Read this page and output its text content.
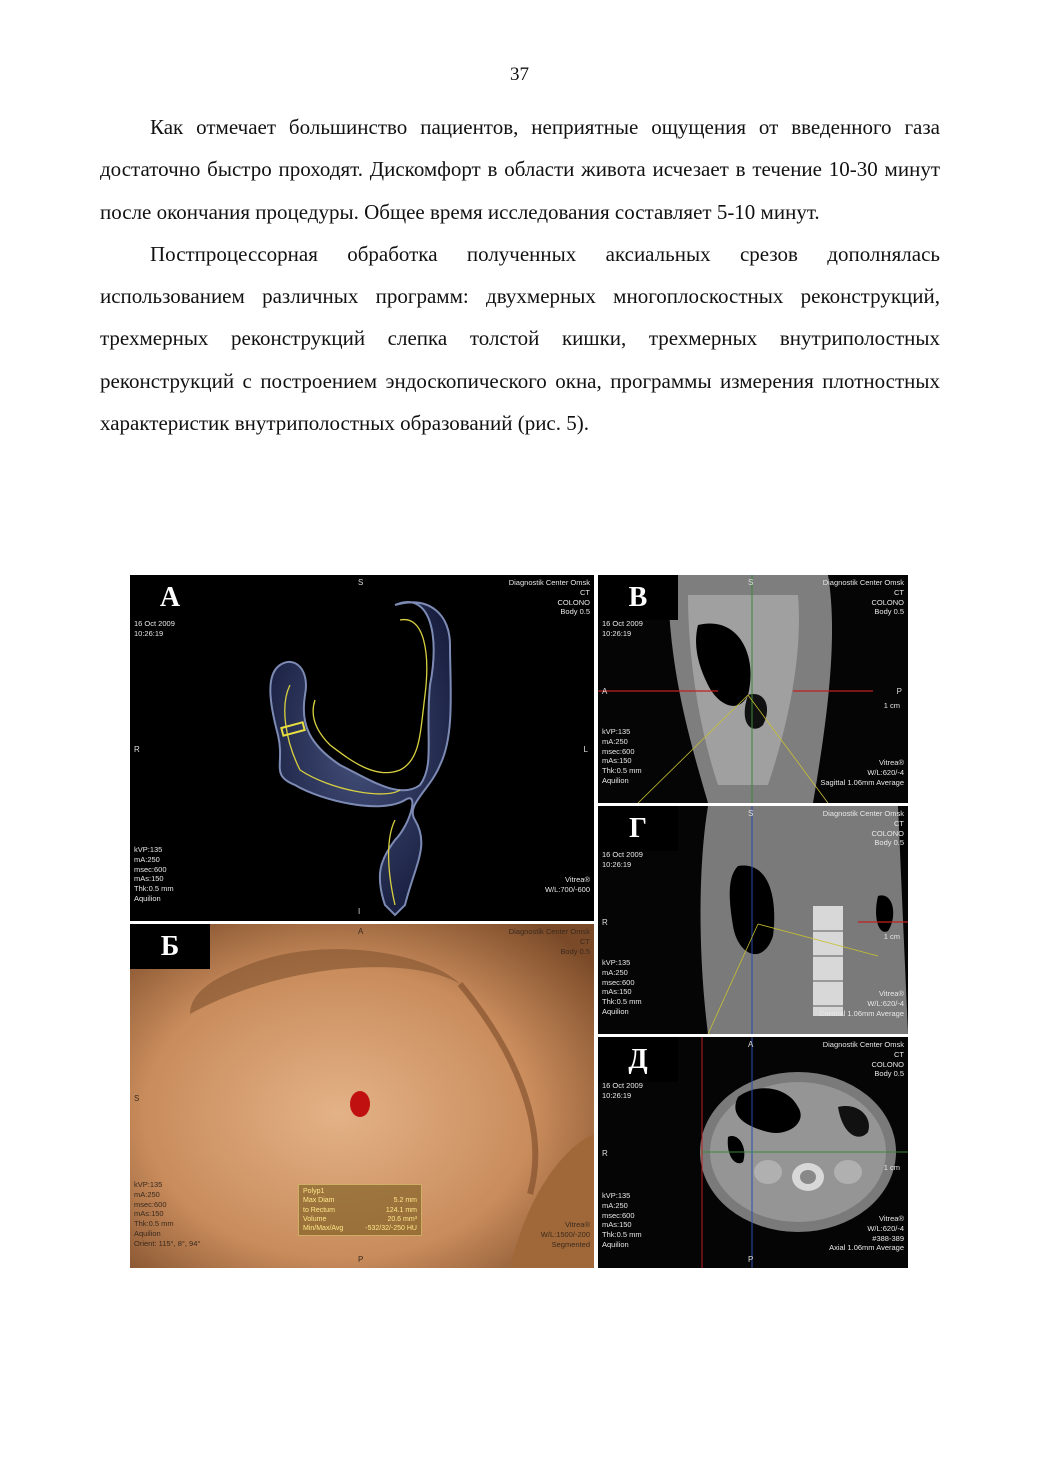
37

Как отмечает большинство пациентов, неприятные ощущения от введенного газа достаточно быстро проходят. Дискомфорт в области живота исчезает в течение 10-30 минут после окончания процедуры. Общее время исследования составляет 5-10 минут.

Постпроцессорная обработка полученных аксиальных срезов дополнялась использованием различных программ: двухмерных многоплоскостных реконструкций, трехмерных реконструкций слепка толстой кишки, трехмерных внутриполостных реконструкций с построением эндоскопического окна, программы измерения плотностных характеристик внутриполостных образований (рис. 5).

А	Diagnostik Center Omsk
CT
COLONO
Body 0.5
16 Oct 2009
10:26:19
kVP:135
mA:250
msec:600
mAs:150
Thk:0.5 mm
Aquilion
Vitrea®
W/L:700/-600
S
I
R	L
В	Diagnostik Center Omsk
CT
COLONO
Body 0.5
16 Oct 2009
10:26:19
kVP:135
mA:250
msec:600
mAs:150
Thk:0.5 mm
Aquilion
Vitrea®
W/L:620/-4
Sagittal 1.06mm Average
S
A	P
1 cm
Г	Diagnostik Center Omsk
CT
COLONO
Body 0.5
16 Oct 2009
10:26:19
kVP:135
mA:250
msec:600
mAs:150
Thk:0.5 mm
Aquilion
Vitrea®
W/L:620/-4
Coronal 1.06mm Average
S
R
1 cm
Б	Diagnostik Center Omsk
CT
Body 0.5
kVP:135
mA:250
msec:600
mAs:150
Thk:0.5 mm
Aquilion
Orient: 115°, 8°, 94°
Vitrea®
W/L:1500/-200
Segmented
A
P
S
Polyp1
Max Diam	5.2 mm
to Rectum	124.1 mm
Volume	20.6 mm³
Min/Max/Avg	-532/32/-250 HU
Д	Diagnostik Center Omsk
CT
COLONO
Body 0.5
16 Oct 2009
10:26:19
kVP:135
mA:250
msec:600
mAs:150
Thk:0.5 mm
Aquilion
Vitrea®
W/L:620/-4
#388-389
Axial 1.06mm Average
A
P
R
1 cm
